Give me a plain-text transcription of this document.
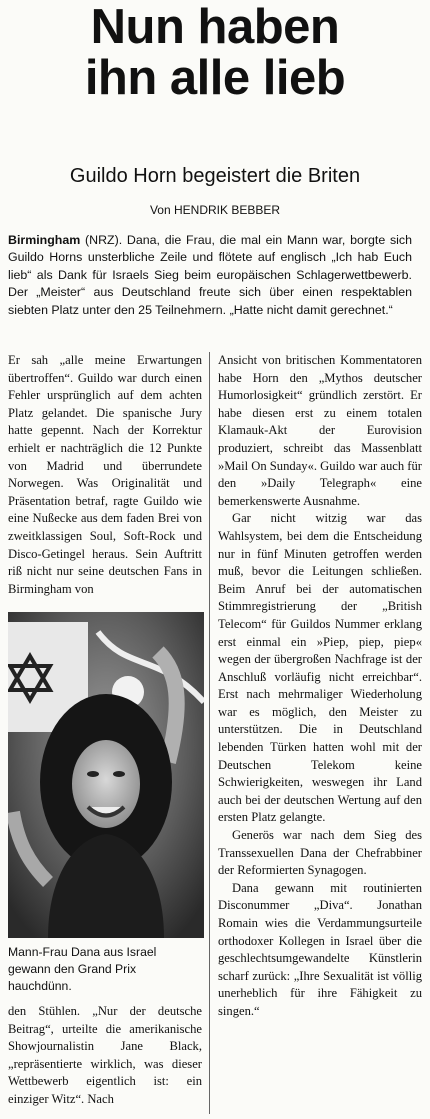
Nun haben
ihn alle lieb
Guildo Horn begeistert die Briten
Von HENDRIK BEBBER

Birmingham (NRZ). Dana, die Frau, die mal ein Mann war, borgte sich Guildo Horns unsterbliche Zeile und flötete auf englisch „Ich hab Euch lieb“ als Dank für Israels Sieg beim europäischen Schlagerwettbewerb. Der „Meister“ aus Deutschland freute sich über einen respektablen siebten Platz unter den 25 Teilnehmern. „Hatte nicht damit gerechnet.“

Er sah „alle meine Erwartungen übertroffen“. Guildo war durch einen Fehler ursprünglich auf dem achten Platz gelandet. Die spanische Jury hatte gepennt. Nach der Korrektur erhielt er nachträglich die 12 Punkte von Madrid und überrundete Norwegen. Was Originalität und Präsentation betraf, ragte Guildo wie eine Nußecke aus dem faden Brei von zweitklassigen Soul, Soft-Rock und Disco-Getingel heraus. Sein Auftritt riß nicht nur seine deutschen Fans in Birmingham von

Mann-Frau Dana aus Israel gewann den Grand Prix hauchdünn.

den Stühlen. „Nur der deutsche Beitrag“, urteilte die amerikanische Showjournalistin Jane Black, „repräsentierte wirklich, was dieser Wettbewerb eigentlich ist: ein einziger Witz“. Nach

Ansicht von britischen Kommentatoren habe Horn den „Mythos deutscher Humorlosigkeit“ gründlich zerstört. Er habe diesen erst zu einem totalen Klamauk-Akt der Eurovision produziert, schreibt das Massenblatt »Mail On Sunday«. Guildo war auch für den »Daily Telegraph« eine bemerkenswerte Ausnahme.

Gar nicht witzig war das Wahlsystem, bei dem die Entscheidung nur in fünf Minuten getroffen werden muß, bevor die Leitungen schließen. Beim Anruf bei der automatischen Stimmregistrierung der „British Telecom“ für Guildos Nummer erklang erst einmal ein »Piep, piep, piep« wegen der übergroßen Nachfrage ist der Anschluß vorläufig nicht erreichbar“. Erst nach mehrmaliger Wiederholung war es möglich, den Meister zu unterstützen. Die in Deutschland lebenden Türken hatten wohl mit der Deutschen Telekom keine Schwierigkeiten, weswegen ihr Land auch bei der deutschen Wertung auf den ersten Platz gelangte.

Generös war nach dem Sieg des Transsexuellen Dana der Chefrabbiner der Reformierten Synagogen.

Dana gewann mit routinierten Disconummer „Diva“. Jonathan Romain wies die Verdammungsurteile orthodoxer Kollegen in Israel über die geschlechtsumgewandelte Künstlerin scharf zurück: „Ihre Sexualität ist völlig unerheblich für ihre Fähigkeit zu singen.“
